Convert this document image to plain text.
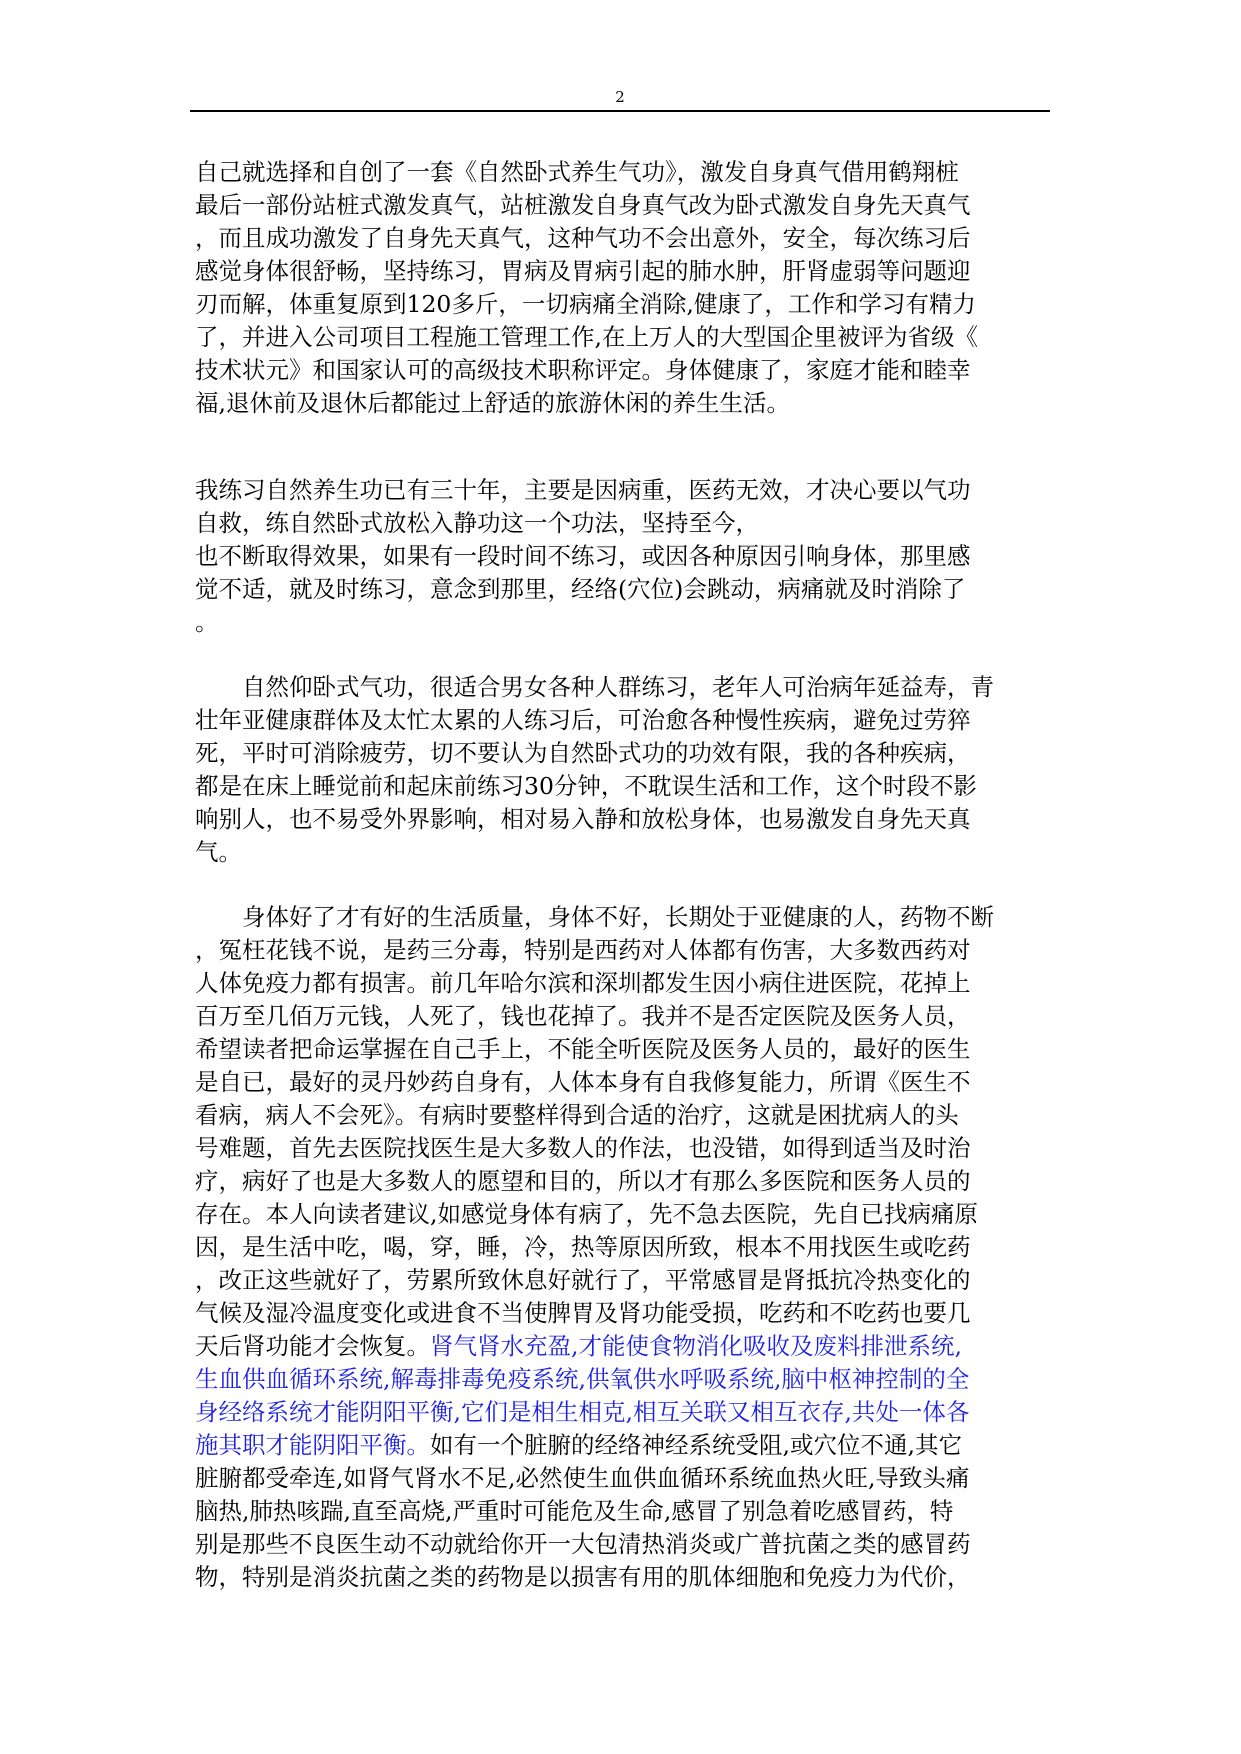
2
自己就选择和自创了一套《自然卧式养生气功》，激发自身真气借用鹤翔桩
最后一部份站桩式激发真气，站桩激发自身真气改为卧式激发自身先天真气
，而且成功激发了自身先天真气，这种气功不会出意外，安全，每次练习后
感觉身体很舒畅，坚持练习，胃病及胃病引起的肺水肿，肝肾虚弱等问题迎
刃而解，体重复原到120多斤，一切病痛全消除,健康了，工作和学习有精力
了，并进入公司项目工程施工管理工作,在上万人的大型国企里被评为省级《
技术状元》和国家认可的高级技术职称评定。身体健康了，家庭才能和睦幸
福,退休前及退休后都能过上舒适的旅游休闲的养生生活。
我练习自然养生功已有三十年，主要是因病重，医药无效，才决心要以气功
自救，练自然卧式放松入静功这一个功法，坚持至今，
也不断取得效果，如果有一段时间不练习，或因各种原因引响身体，那里感
觉不适，就及时练习，意念到那里，经络(穴位)会跳动，病痛就及时消除了
。
自然仰卧式气功，很适合男女各种人群练习，老年人可治病年延益寿，青
壮年亚健康群体及太忙太累的人练习后，可治愈各种慢性疾病，避免过劳猝
死，平时可消除疲劳，切不要认为自然卧式功的功效有限，我的各种疾病，
都是在床上睡觉前和起床前练习30分钟，不耽误生活和工作，这个时段不影
响别人，也不易受外界影响，相对易入静和放松身体，也易激发自身先天真
气。
身体好了才有好的生活质量，身体不好，长期处于亚健康的人，药物不断
，冤枉花钱不说，是药三分毒，特别是西药对人体都有伤害，大多数西药对
人体免疫力都有损害。前几年哈尔滨和深圳都发生因小病住进医院，花掉上
百万至几佰万元钱，人死了，钱也花掉了。我并不是否定医院及医务人员，
希望读者把命运掌握在自己手上，不能全听医院及医务人员的，最好的医生
是自已，最好的灵丹妙药自身有，人体本身有自我修复能力，所谓《医生不
看病，病人不会死》。有病时要整样得到合适的治疗，这就是困扰病人的头
号难题，首先去医院找医生是大多数人的作法，也没错，如得到适当及时治
疗，病好了也是大多数人的愿望和目的，所以才有那么多医院和医务人员的
存在。本人向读者建议,如感觉身体有病了，先不急去医院，先自已找病痛原
因，是生活中吃，喝，穿，睡，冷，热等原因所致，根本不用找医生或吃药
，改正这些就好了，劳累所致休息好就行了，平常感冒是肾抵抗冷热变化的
气候及湿冷温度变化或进食不当使脾胃及肾功能受损，吃药和不吃药也要几
天后肾功能才会恢复。肾气肾水充盈,才能使食物消化吸收及废料排泄系统,
生血供血循环系统,解毒排毒免疫系统,供氧供水呼吸系统,脑中枢神控制的全
身经络系统才能阴阳平衡,它们是相生相克,相互关联又相互衣存,共处一体各
施其职才能阴阳平衡。如有一个脏腑的经络神经系统受阻,或穴位不通,其它
脏腑都受牵连,如肾气肾水不足,必然使生血供血循环系统血热火旺,导致头痛
脑热,肺热咳踹,直至高烧,严重时可能危及生命,感冒了别急着吃感冒药，特
别是那些不良医生动不动就给你开一大包清热消炎或广普抗菌之类的感冒药
物，特别是消炎抗菌之类的药物是以损害有用的肌体细胞和免疫力为代价，
